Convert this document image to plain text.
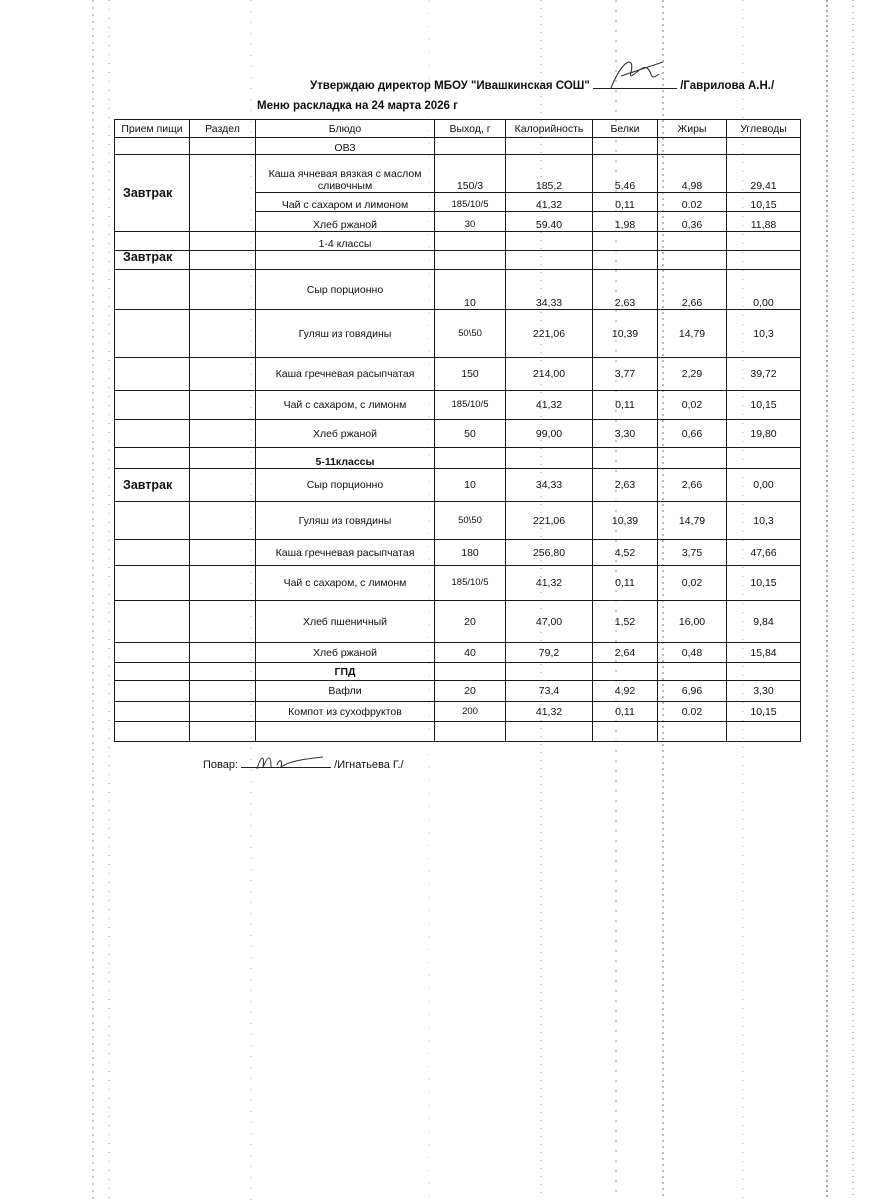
Утверждаю директор МБОУ "Ивашкинская СОШ"	/Гаврилова А.Н./
Меню раскладка на 24 марта 2026 г
Прием пищи	Раздел	Блюдо	Выход, г	Калорийность	Белки	Жиры	Углеводы
		ОВЗ					
Завтрак		Каша ячневая вязкая с маслом сливочным	150/3	185,2	5,46	4,98	29,41
		Чай с сахаром и лимоном	185/10/5	41,32	0,11	0.02	10,15
		Хлеб ржаной	30	59.40	1,98	0,36	11,88
		1-4 классы					
Завтрак							
		Сыр порционно	10	34,33	2,63	2,66	0,00
		Гуляш из говядины	50\50	221,06	10,39	14,79	10,3
		Каша гречневая расыпчатая	150	214,00	3,77	2,29	39,72
		Чай с сахаром, с лимонм	185/10/5	41,32	0,11	0,02	10,15
		Хлеб ржаной	50	99,00	3,30	0,66	19,80
		5-11классы					
Завтрак		Сыр порционно	10	34,33	2,63	2,66	0,00
		Гуляш из говядины	50\50	221,06	10,39	14,79	10,3
		Каша гречневая расыпчатая	180	256,80	4,52	3,75	47,66
		Чай с сахаром, с лимонм	185/10/5	41,32	0,11	0,02	10,15
		Хлеб пшеничный	20	47,00	1,52	16,00	9,84
		Хлеб ржаной	40	79,2	2,64	0,48	15,84
		ГПД					
		Вафли	20	73,4	4,92	6,96	3,30
		Компот из сухофруктов	200	41,32	0,11	0.02	10,15

Повар:	/Игнатьева Г./
